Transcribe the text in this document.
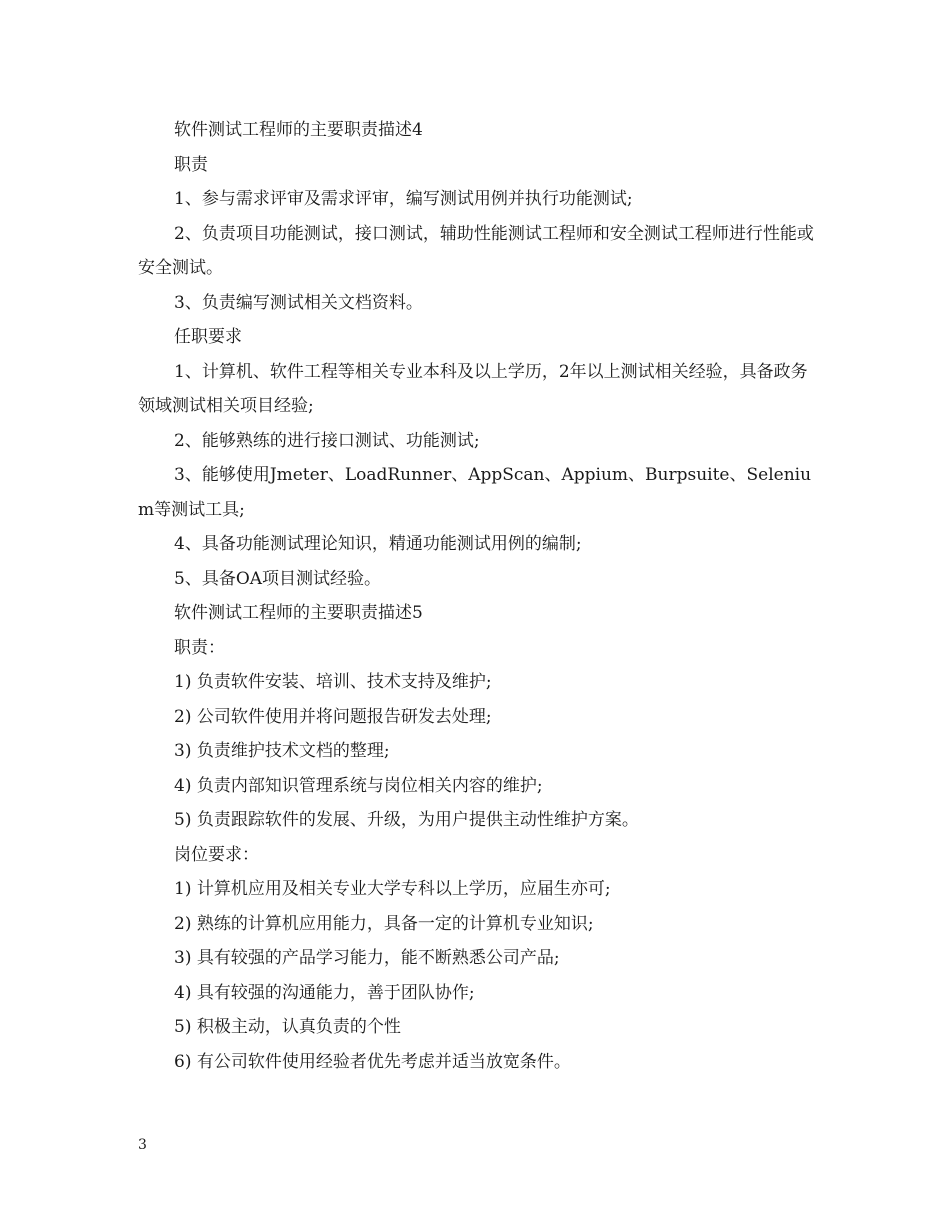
软件测试工程师的主要职责描述4

职责

1、参与需求评审及需求评审，编写测试用例并执行功能测试;

2、负责项目功能测试，接口测试，辅助性能测试工程师和安全测试工程师进行性能或安全测试。

3、负责编写测试相关文档资料。

任职要求

1、计算机、软件工程等相关专业本科及以上学历，2年以上测试相关经验，具备政务领域测试相关项目经验;

2、能够熟练的进行接口测试、功能测试;

3、能够使用Jmeter、LoadRunner、AppScan、Appium、Burpsuite、Selenium等测试工具;

4、具备功能测试理论知识，精通功能测试用例的编制;

5、具备OA项目测试经验。

软件测试工程师的主要职责描述5

职责：

1) 负责软件安装、培训、技术支持及维护;

2) 公司软件使用并将问题报告研发去处理;

3) 负责维护技术文档的整理;

4) 负责内部知识管理系统与岗位相关内容的维护;

5) 负责跟踪软件的发展、升级，为用户提供主动性维护方案。

岗位要求：

1) 计算机应用及相关专业大学专科以上学历，应届生亦可;

2) 熟练的计算机应用能力，具备一定的计算机专业知识;

3) 具有较强的产品学习能力，能不断熟悉公司产品;

4) 具有较强的沟通能力，善于团队协作;

5) 积极主动，认真负责的个性

6) 有公司软件使用经验者优先考虑并适当放宽条件。

3
